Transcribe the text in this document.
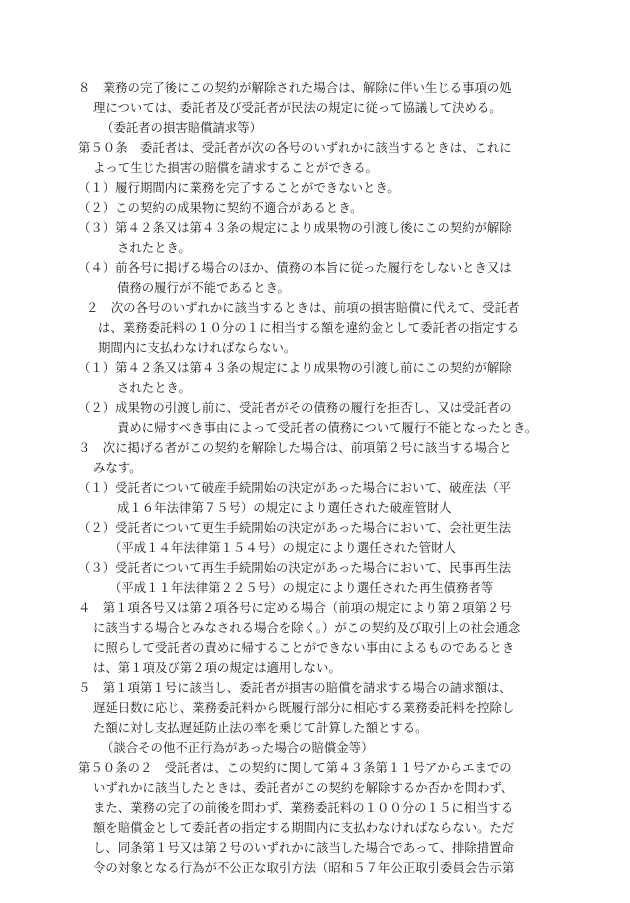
８　業務の完了後にこの契約が解除された場合は、解除に伴い生じる事項の処
理については、委託者及び受託者が民法の規定に従って協議して決める。
（委託者の損害賠償請求等）
第５０条　委託者は、受託者が次の各号のいずれかに該当するときは、これに
よって生じた損害の賠償を請求することができる。
（１）履行期間内に業務を完了することができないとき。
（２）この契約の成果物に契約不適合があるとき。
（３）第４２条又は第４３条の規定により成果物の引渡し後にこの契約が解除
されたとき。
（４）前各号に掲げる場合のほか、債務の本旨に従った履行をしないとき又は
債務の履行が不能であるとき。
２　次の各号のいずれかに該当するときは、前項の損害賠償に代えて、受託者
は、業務委託料の１０分の１に相当する額を違約金として委託者の指定する
期間内に支払わなければならない。
（１）第４２条又は第４３条の規定により成果物の引渡し前にこの契約が解除
されたとき。
（２）成果物の引渡し前に、受託者がその債務の履行を拒否し、又は受託者の
責めに帰すべき事由によって受託者の債務について履行不能となったとき。
３　次に掲げる者がこの契約を解除した場合は、前項第２号に該当する場合と
みなす。
（１）受託者について破産手続開始の決定があった場合において、破産法（平
成１６年法律第７５号）の規定により選任された破産管財人
（２）受託者について更生手続開始の決定があった場合において、会社更生法
（平成１４年法律第１５４号）の規定により選任された管財人
（３）受託者について再生手続開始の決定があった場合において、民事再生法
（平成１１年法律第２２５号）の規定により選任された再生債務者等
４　第１項各号又は第２項各号に定める場合（前項の規定により第２項第２号
に該当する場合とみなされる場合を除く。）がこの契約及び取引上の社会通念
に照らして受託者の責めに帰することができない事由によるものであるとき
は、第１項及び第２項の規定は適用しない。
５　第１項第１号に該当し、委託者が損害の賠償を請求する場合の請求額は、
遅延日数に応じ、業務委託料から既履行部分に相応する業務委託料を控除し
た額に対し支払遅延防止法の率を乗じて計算した額とする。
（談合その他不正行為があった場合の賠償金等）
第５０条の２　受託者は、この契約に関して第４３条第１１号アからエまでの
いずれかに該当したときは、委託者がこの契約を解除するか否かを問わず、
また、業務の完了の前後を問わず、業務委託料の１００分の１５に相当する
額を賠償金として委託者の指定する期間内に支払わなければならない。ただ
し、同条第１号又は第２号のいずれかに該当した場合であって、排除措置命
令の対象となる行為が不公正な取引方法（昭和５７年公正取引委員会告示第
